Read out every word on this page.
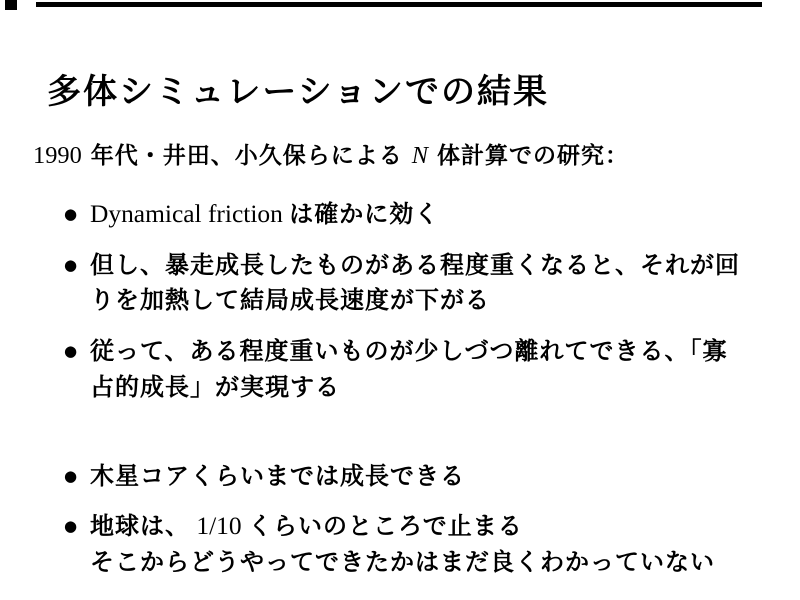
多体シミュレーションでの結果
1990 年代・井田、小久保らによる N 体計算での研究：
● Dynamical friction は確かに効く
● 但し、暴走成長したものがある程度重くなると、それが回
りを加熱して結局成長速度が下がる
● 従って、ある程度重いものが少しづつ離れてできる、「寡
占的成長」が実現する
● 木星コアくらいまでは成長できる
● 地球は、 1/10 くらいのところで止まる
そこからどうやってできたかはまだ良くわかっていない
